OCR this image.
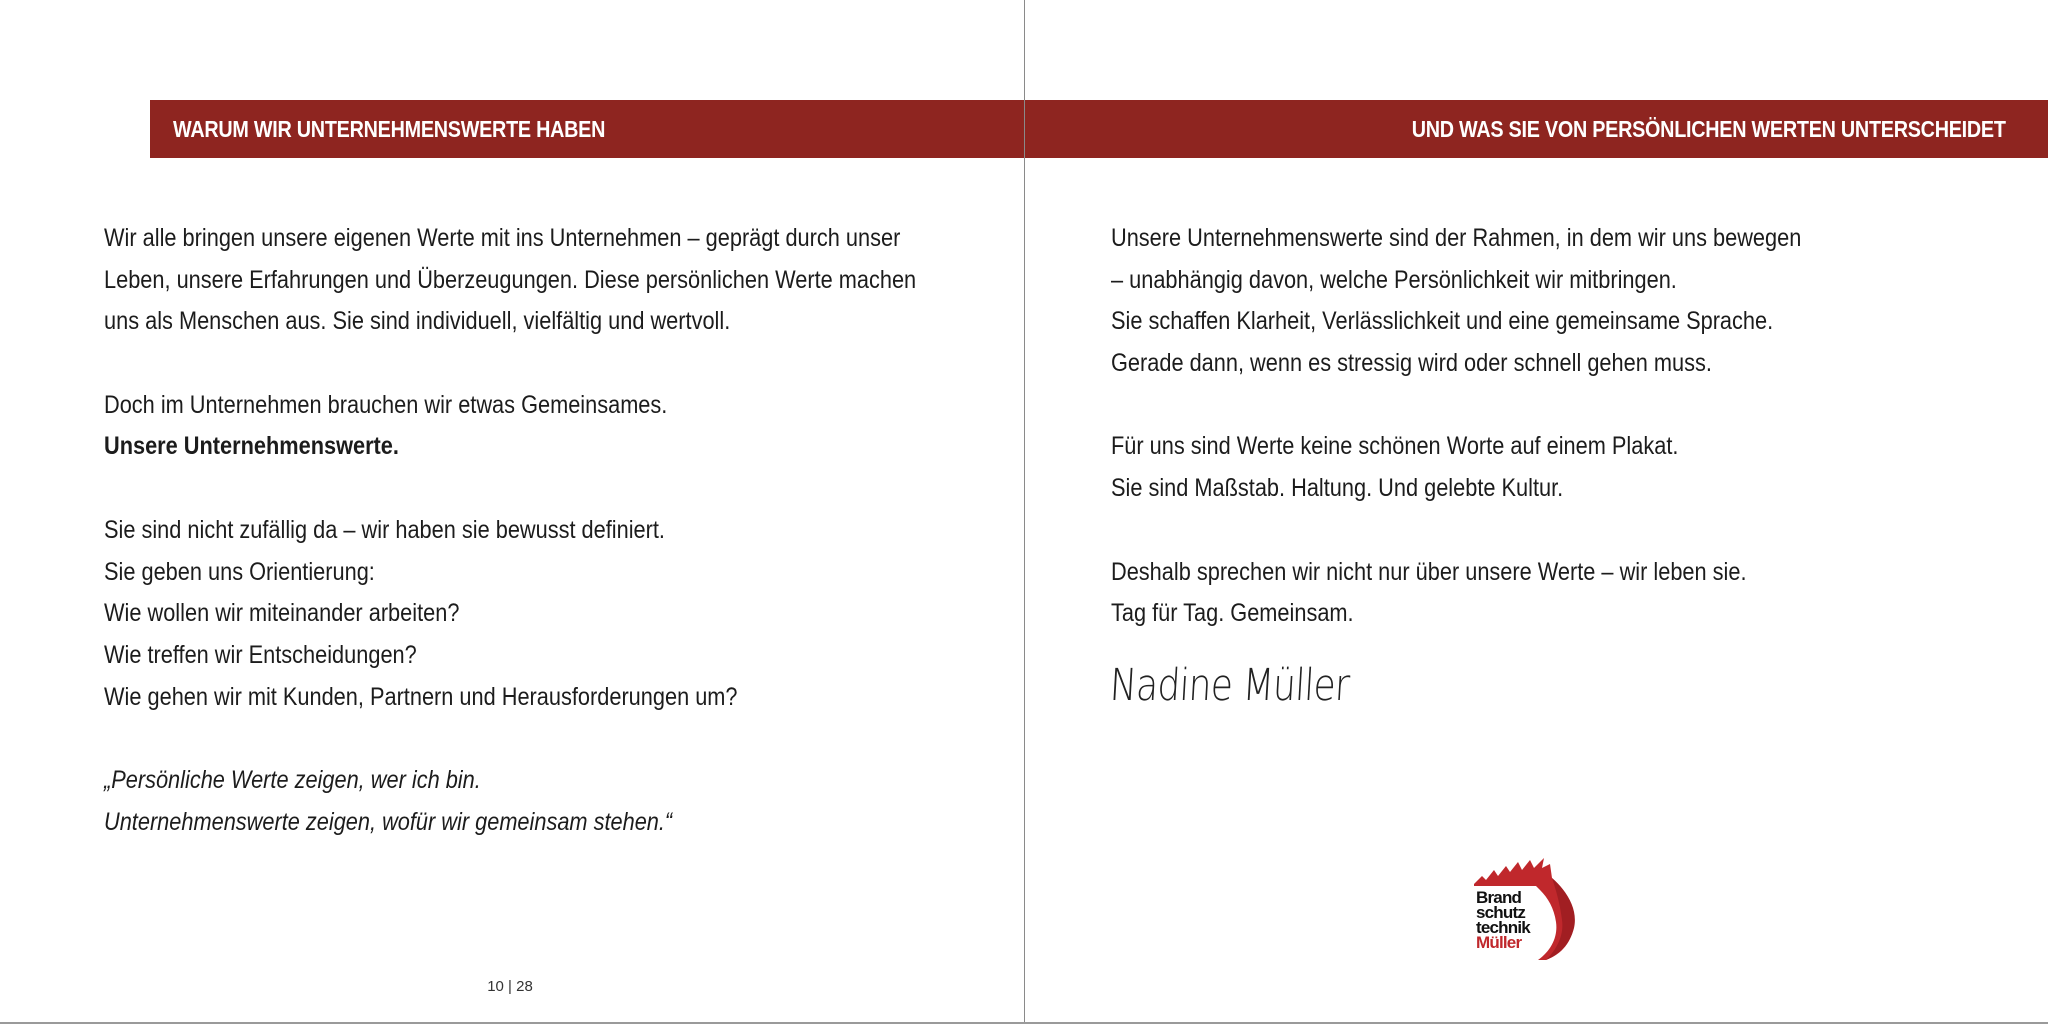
WARUM WIR UNTERNEHMENSWERTE HABEN
Wir alle bringen unsere eigenen Werte mit ins Unternehmen – geprägt durch unser
Leben, unsere Erfahrungen und Überzeugungen. Diese persönlichen Werte machen
uns als Menschen aus. Sie sind individuell, vielfältig und wertvoll.
Doch im Unternehmen brauchen wir etwas Gemeinsames.
Unsere Unternehmenswerte.
Sie sind nicht zufällig da – wir haben sie bewusst definiert.
Sie geben uns Orientierung:
Wie wollen wir miteinander arbeiten?
Wie treffen wir Entscheidungen?
Wie gehen wir mit Kunden, Partnern und Herausforderungen um?
„Persönliche Werte zeigen, wer ich bin.
Unternehmenswerte zeigen, wofür wir gemeinsam stehen.“
10 | 28
UND WAS SIE VON PERSÖNLICHEN WERTEN UNTERSCHEIDET
Unsere Unternehmenswerte sind der Rahmen, in dem wir uns bewegen
– unabhängig davon, welche Persönlichkeit wir mitbringen.
Sie schaffen Klarheit, Verlässlichkeit und eine gemeinsame Sprache.
Gerade dann, wenn es stressig wird oder schnell gehen muss.
Für uns sind Werte keine schönen Worte auf einem Plakat.
Sie sind Maßstab. Haltung. Und gelebte Kultur.
Deshalb sprechen wir nicht nur über unsere Werte – wir leben sie.
Tag für Tag. Gemeinsam.
Nadine Müller
Brand
schutz
technik
Müller
